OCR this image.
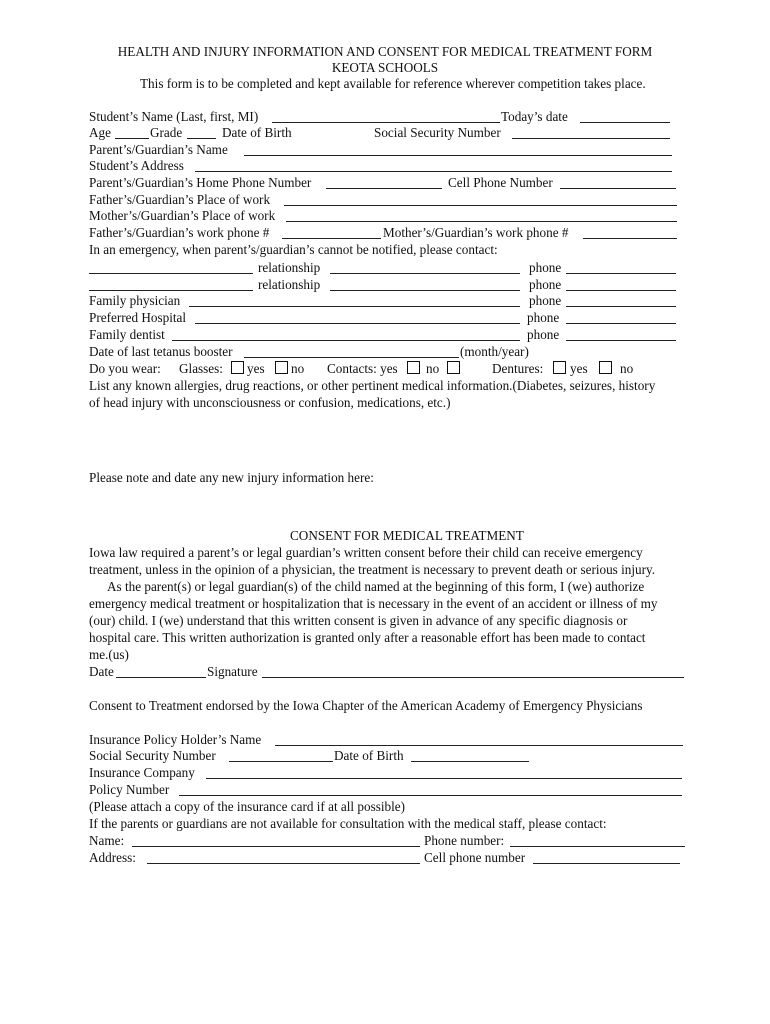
HEALTH AND INJURY INFORMATION AND CONSENT FOR MEDICAL TREATMENT FORM
KEOTA SCHOOLS
This form is to be completed and kept available for reference wherever competition takes place.
Student’s Name (Last, first, MI)	Today’s date
Age	Grade	Date of Birth	Social Security Number
Parent’s/Guardian’s Name
Student’s Address
Parent’s/Guardian’s Home Phone Number	Cell Phone Number
Father’s/Guardian’s Place of work
Mother’s/Guardian’s Place of work
Father’s/Guardian’s work phone #	Mother’s/Guardian’s work phone #
In an emergency, when parent’s/guardian’s cannot be notified, please contact:
relationship	phone
relationship	phone
Family physician	phone
Preferred Hospital	phone
Family dentist	phone
Date of last tetanus booster	(month/year)
Do you wear: Glasses: yes no Contacts: yes no	Dentures: yes no
List any known allergies, drug reactions, or other pertinent medical information.(Diabetes, seizures, history
of head injury with unconsciousness or confusion, medications, etc.)
Please note and date any new injury information here:
CONSENT FOR MEDICAL TREATMENT
Iowa law required a parent’s or legal guardian’s written consent before their child can receive emergency
treatment, unless in the opinion of a physician, the treatment is necessary to prevent death or serious injury.
As the parent(s) or legal guardian(s) of the child named at the beginning of this form, I (we) authorize
emergency medical treatment or hospitalization that is necessary in the event of an accident or illness of my
(our) child. I (we) understand that this written consent is given in advance of any specific diagnosis or
hospital care. This written authorization is granted only after a reasonable effort has been made to contact
me.(us)
Date	Signature
Consent to Treatment endorsed by the Iowa Chapter of the American Academy of Emergency Physicians
Insurance Policy Holder’s Name
Social Security Number	Date of Birth
Insurance Company
Policy Number
(Please attach a copy of the insurance card if at all possible)
If the parents or guardians are not available for consultation with the medical staff, please contact:
Name:	Phone number:
Address:	Cell phone number
